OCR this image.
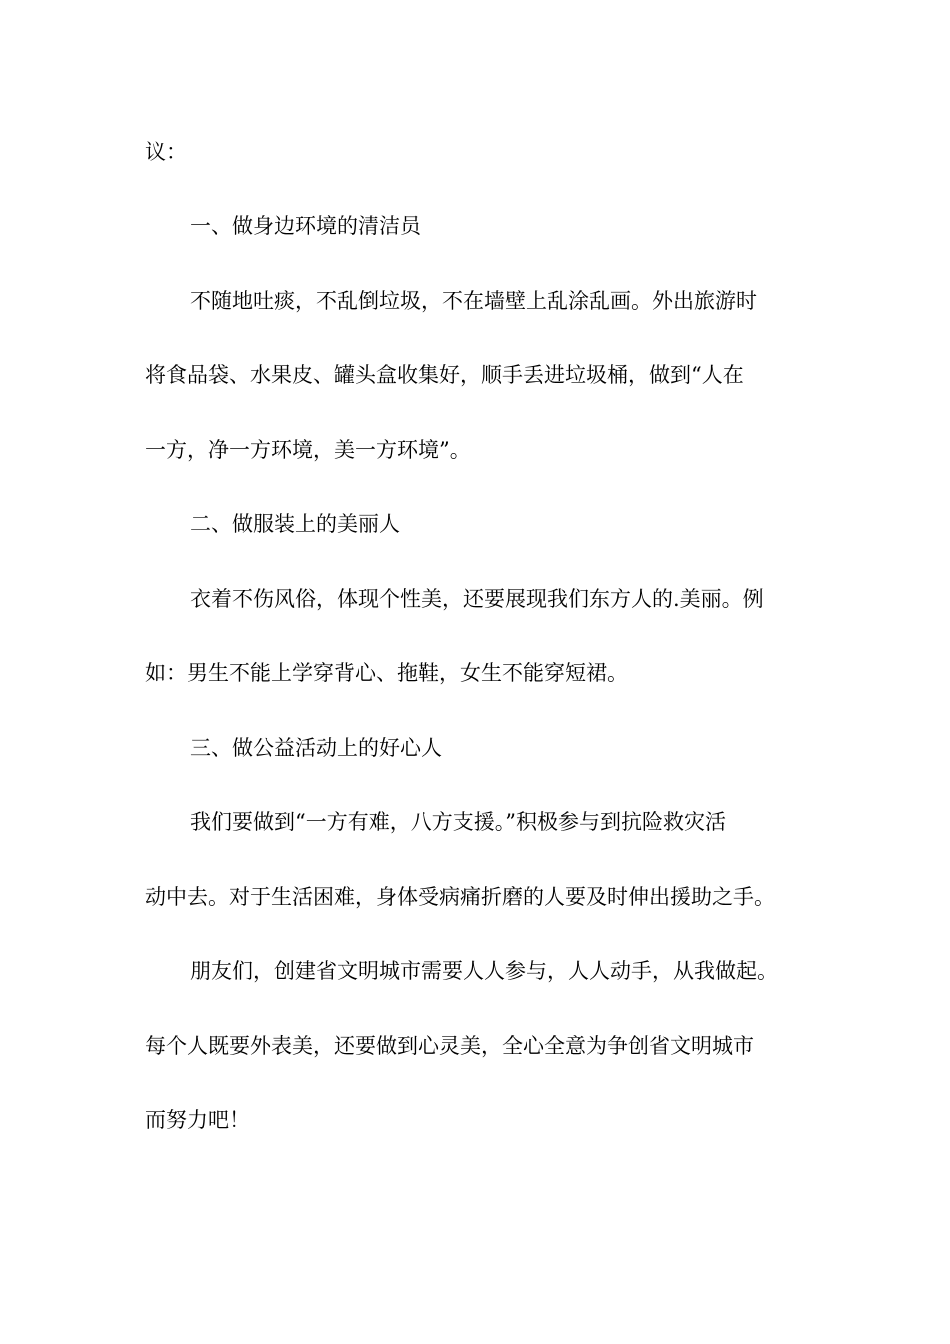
议：
一、做身边环境的清洁员
不随地吐痰，不乱倒垃圾，不在墙壁上乱涂乱画。外出旅游时
将食品袋、水果皮、罐头盒收集好，顺手丢进垃圾桶，做到“人在
一方，净一方环境，美一方环境”。
二、做服装上的美丽人
衣着不伤风俗，体现个性美，还要展现我们东方人的.美丽。例
如：男生不能上学穿背心、拖鞋，女生不能穿短裙。
三、做公益活动上的好心人
我们要做到“一方有难，八方支援。”积极参与到抗险救灾活
动中去。对于生活困难，身体受病痛折磨的人要及时伸出援助之手。
朋友们，创建省文明城市需要人人参与，人人动手，从我做起。
每个人既要外表美，还要做到心灵美，全心全意为争创省文明城市
而努力吧！
